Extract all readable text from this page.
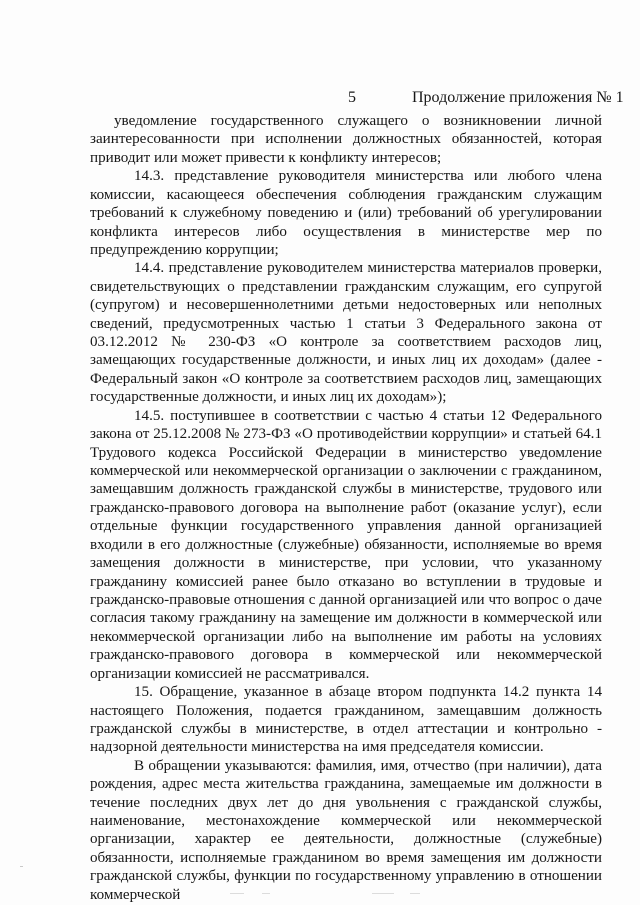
5	Продолжение приложения № 1

уведомление государственного служащего о возникновении личной заинтересованности при исполнении должностных обязанностей, которая приводит или может привести к конфликту интересов;

14.3. представление руководителя министерства или любого члена комиссии, касающееся обеспечения соблюдения гражданским служащим требований к служебному поведению и (или) требований об урегулировании конфликта интересов либо осуществления в министерстве мер по предупреждению коррупции;

14.4. представление руководителем министерства материалов проверки, свидетельствующих о представлении гражданским служащим, его супругой (супругом) и несовершеннолетними детьми недостоверных или неполных сведений, предусмотренных частью 1 статьи 3 Федерального закона от 03.12.2012 № 230-ФЗ «О контроле за соответствием расходов лиц, замещающих государственные должности, и иных лиц их доходам» (далее - Федеральный закон «О контроле за соответствием расходов лиц, замещающих государственные должности, и иных лиц их доходам»);

14.5. поступившее в соответствии с частью 4 статьи 12 Федерального закона от 25.12.2008 № 273-ФЗ «О противодействии коррупции» и статьей 64.1 Трудового кодекса Российской Федерации в министерство уведомление коммерческой или некоммерческой организации о заключении с гражданином, замещавшим должность гражданской службы в министерстве, трудового или гражданско-правового договора на выполнение работ (оказание услуг), если отдельные функции государственного управления данной организацией входили в его должностные (служебные) обязанности, исполняемые во время замещения должности в министерстве, при условии, что указанному гражданину комиссией ранее было отказано во вступлении в трудовые и гражданско-правовые отношения с данной организацией или что вопрос о даче согласия такому гражданину на замещение им должности в коммерческой или некоммерческой организации либо на выполнение им работы на условиях гражданско-правового договора в коммерческой или некоммерческой организации комиссией не рассматривался.

15. Обращение, указанное в абзаце втором подпункта 14.2 пункта 14 настоящего Положения, подается гражданином, замещавшим должность гражданской службы в министерстве, в отдел аттестации и контрольно - надзорной деятельности министерства на имя председателя комиссии.

В обращении указываются: фамилия, имя, отчество (при наличии), дата рождения, адрес места жительства гражданина, замещаемые им должности в течение последних двух лет до дня увольнения с гражданской службы, наименование, местонахождение коммерческой или некоммерческой организации, характер ее деятельности, должностные (служебные) обязанности, исполняемые гражданином во время замещения им должности гражданской службы, функции по государственному управлению в отношении коммерческой
